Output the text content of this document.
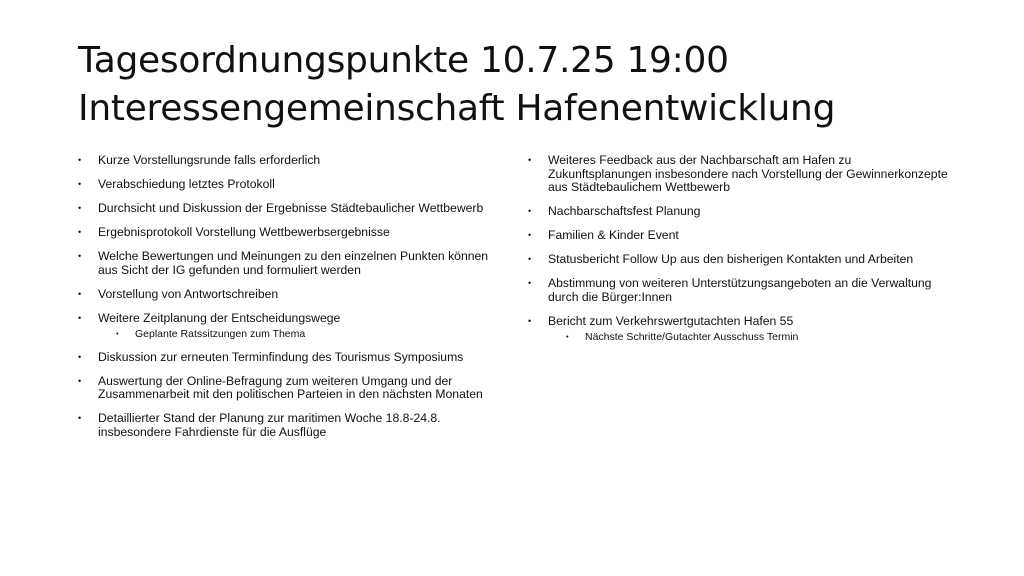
Tagesordnungspunkte 10.7.25 19:00
Interessengemeinschaft Hafenentwicklung
• Kurze Vorstellungsrunde falls erforderlich
• Verabschiedung letztes Protokoll
• Durchsicht und Diskussion der Ergebnisse Städtebaulicher Wettbewerb
• Ergebnisprotokoll Vorstellung Wettbewerbsergebnisse
• Welche Bewertungen und Meinungen zu den einzelnen Punkten können aus Sicht der IG gefunden und formuliert werden
• Vorstellung von Antwortschreiben
• Weitere Zeitplanung der Entscheidungswege
• Geplante Ratssitzungen zum Thema
• Diskussion zur erneuten Terminfindung des Tourismus Symposiums
• Auswertung der Online-Befragung zum weiteren Umgang und der Zusammenarbeit mit den politischen Parteien in den nächsten Monaten
• Detaillierter Stand der Planung zur maritimen Woche 18.8-24.8. insbesondere Fahrdienste für die Ausflüge
• Weiteres Feedback aus der Nachbarschaft am Hafen zu Zukunftsplanungen insbesondere nach Vorstellung der Gewinnerkonzepte aus Städtebaulichem Wettbewerb
• Nachbarschaftsfest Planung
• Familien & Kinder Event
• Statusbericht Follow Up aus den bisherigen Kontakten und Arbeiten
• Abstimmung von weiteren Unterstützungsangeboten an die Verwaltung durch die Bürger:Innen
• Bericht zum Verkehrswertgutachten Hafen 55
• Nächste Schritte/Gutachter Ausschuss Termin
